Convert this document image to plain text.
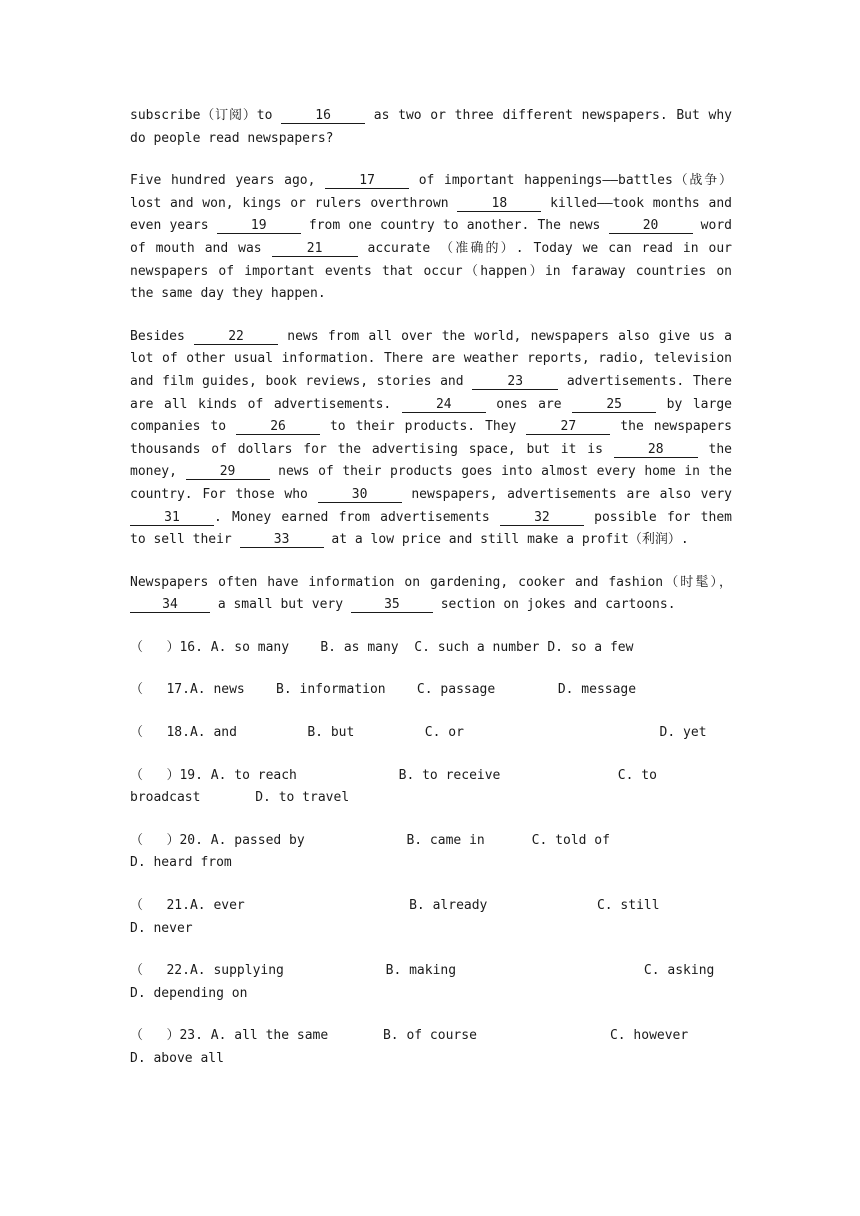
subscribe（订阅）to	16	as two or three different newspapers. But why do people read newspapers?

Five hundred years ago,	17	of important happenings——battles（战争）lost and won, kings or rulers overthrown	18	killed——took months and even years	19	from one country to another. The news	20	word of mouth and was	21	accurate （准确的）. Today we can read in our newspapers of important events that occur（happen）in faraway countries on the same day they happen.

Besides	22	news from all over the world, newspapers also give us a lot of other usual information. There are weather reports, radio, television and film guides, book reviews, stories and	23	advertisements. There are all kinds of advertisements.	24	ones are	25	by large companies to	26	to their products. They	27	the newspapers thousands of dollars for the advertising space, but it is	28	the money,	29	news of their products goes into almost every home in the country. For those who	30	newspapers, advertisements are also very 31	. Money earned from advertisements	32	possible for them to sell their	33	at a low price and still make a profit（利润）.

Newspapers often have information on gardening, cooker and fashion（时髦），34 a small but very	35	section on jokes and cartoons.

（   ）16. A. so many    B. as many  C. such a number D. so a few

（   17.A. news    B. information    C. passage        D. message

（   18.A. and         B. but         C. or                         D. yet

（   ）19. A. to reach             B. to receive               C. to broadcast       D. to travel

（   ）20. A. passed by             B. came in      C. told of                D. heard from

（   21.A. ever                     B. already              C. still               D. never

（   22.A. supplying             B. making                        C. asking               D. depending on

（   ）23. A. all the same       B. of course                 C. however           D. above all
